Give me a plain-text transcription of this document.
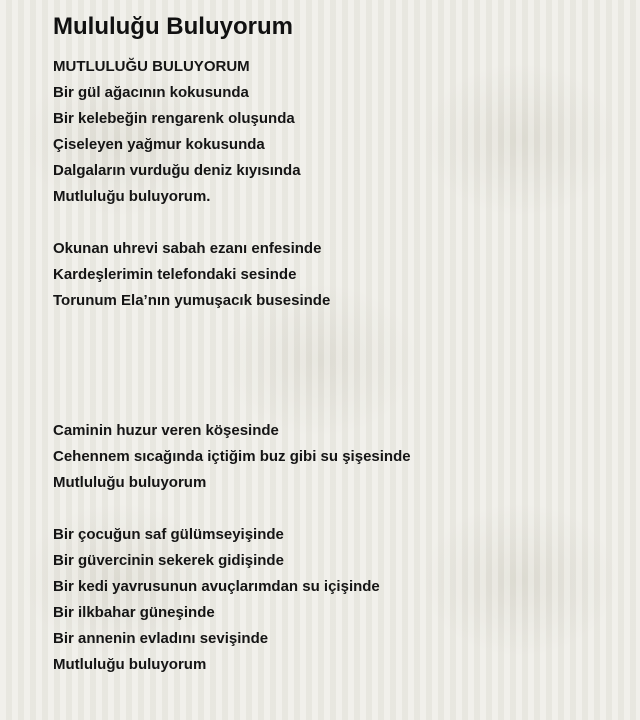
Mululuğu Buluyorum
MUTLULUĞU BULUYORUM
Bir gül ağacının kokusunda
Bir kelebeğin rengarenk oluşunda
Çiseleyen yağmur kokusunda
Dalgaların vurduğu deniz kıyısında
Mutluluğu buluyorum.
Okunan uhrevi sabah ezanı enfesinde
Kardeşlerimin telefondaki sesinde
Torunum Ela’nın yumuşacık busesinde
Caminin huzur veren köşesinde
Cehennem sıcağında içtiğim buz gibi su şişesinde
Mutluluğu buluyorum
Bir çocuğun saf gülümseyişinde
Bir güvercinin sekerek gidişinde
Bir kedi yavrusunun avuçlarımdan su içişinde
Bir ilkbahar güneşinde
Bir annenin evladını sevişinde
Mutluluğu buluyorum
